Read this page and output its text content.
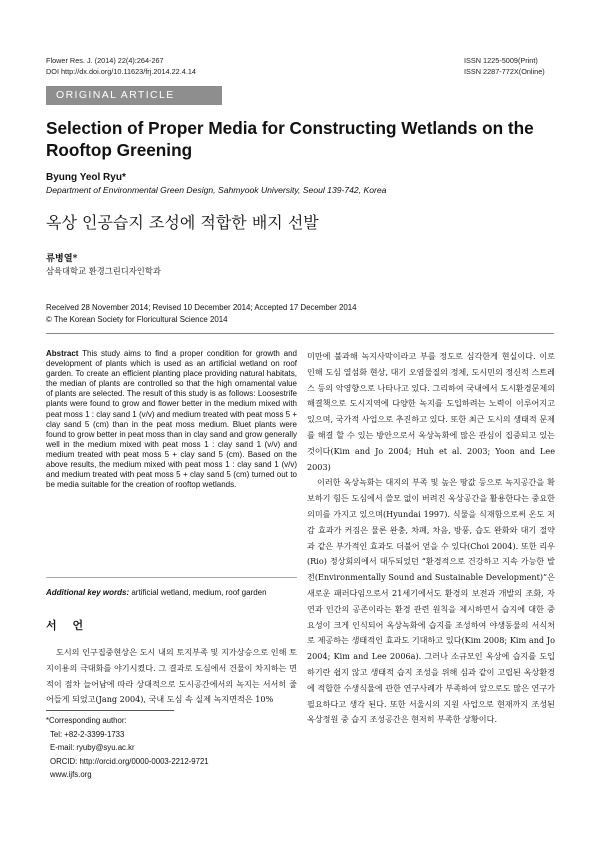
Flower Res. J. (2014) 22(4):264-267
DOI http://dx.doi.org/10.11623/frj.2014.22.4.14
ISSN 1225-5009(Print)
ISSN 2287-772X(Online)
ORIGINAL ARTICLE
Selection of Proper Media for Constructing Wetlands on the Rooftop Greening
Byung Yeol Ryu*
Department of Environmental Green Design, Sahmyook University, Seoul 139-742, Korea
옥상 인공습지 조성에 적합한 배지 선발
류병열*
삼육대학교 환경그린디자인학과
Received 28 November 2014; Revised 10 December 2014; Accepted 17 December 2014
© The Korean Society for Floricultural Science 2014
Abstract This study aims to find a proper condition for growth and development of plants which is used as an artificial wetland on roof garden. To create an efficient planting place providing natural habitats, the median of plants are controlled so that the high ornamental value of plants are selected. The result of this study is as follows: Loosestrife plants were found to grow and flower better in the medium mixed with peat moss 1 : clay sand 1 (v/v) and medium treated with peat moss 5 + clay sand 5 (cm) than in the peat moss medium. Bluet plants were found to grow better in peat moss than in clay sand and grow generally well in the medium mixed with peat moss 1 : clay sand 1 (v/v) and medium treated with peat moss 5 + clay sand 5 (cm). Based on the above results, the medium mixed with peat moss 1 : clay sand 1 (v/v) and medium treated with peat moss 5 + clay sand 5 (cm) turned out to be media suitable for the creation of rooftop wetlands.
Additional key words: artificial wetland, medium, roof garden
서 언
도시의 인구집중현상은 도시 내의 토지부족 및 지가상승으로 인해 토지이용의 극대화를 야기시켰다. 그 결과로 도심에서 건물이 차지하는 면적이 점차 늘어남에 따라 상대적으로 도시공간에서의 녹지는 서서히 줄어들게 되었고(Jang 2004), 국내 도심 속 실제 녹지면적은 10%
*Corresponding author:
Tel: +82-2-3399-1733
E-mail: ryuby@syu.ac.kr
ORCID: http://orcid.org/0000-0003-2212-9721
www.ijfs.org

미만에 불과해 녹지사막이라고 부를 정도로 심각한게 현실이다. 이로 인해 도심 열섬화 현상, 대기 오염물질의 정체, 도시민의 정신적 스트레스 등의 악영향으로 나타나고 있다. 그리하여 국내에서 도시환경문제의 해결책으로 도시지역에 다양한 녹지를 도입하려는 노력이 이루어지고 있으며, 국가적 사업으로 추진하고 있다. 또한 최근 도시의 생태적 문제를 해결 할 수 있는 방안으로서 옥상녹화에 많은 관심이 집중되고 있는 것이다(Kim and Jo 2004; Huh et al. 2003; Yoon and Lee 2003)

이러한 옥상녹화는 대지의 부족 및 높은 땅값 등으로 녹지공간을 확보하기 힘든 도심에서 쓸모 없이 버려진 옥상공간을 활용한다는 중요한 의미를 가지고 있으며(Hyundai 1997). 식물을 식재함으로써 온도 저감 효과가 커짐은 물론 완충, 차폐, 차음, 방풍, 습도 완화와 대기 절약과 같은 부가적인 효과도 더불어 얻을 수 있다(Choi 2004). 또한 리우(Rio) 정상회의에서 대두되었던 “환경적으로 건강하고 지속 가능한 발전(Environmentally Sound and Sustainable Development)”은 새로운 패러다임으로서 21세기에서도 환경의 보전과 개발의 조화, 자연과 인간의 공존이라는 환경 관련 원칙을 제시하면서 습지에 대한 중요성이 크게 인식되어 옥상녹화에 습지를 조성하여 야생동물의 서식처로 제공하는 생태적인 효과도 기대하고 있다(Kim 2008; Kim and Jo 2004; Kim and Lee 2006a). 그러나 소규모인 옥상에 습지를 도입하기란 쉽지 않고 생태적 습지 조성을 위해 심과 같이 고립된 옥상환경에 적합한 수생식물에 관한 연구사례가 부족하여 앞으로도 많은 연구가 필요하다고 생각 된다. 또한 서울시의 지원 사업으로 현재까지 조성된 옥상정원 중 습지 조성공간은 현저히 부족한 상황이다.
